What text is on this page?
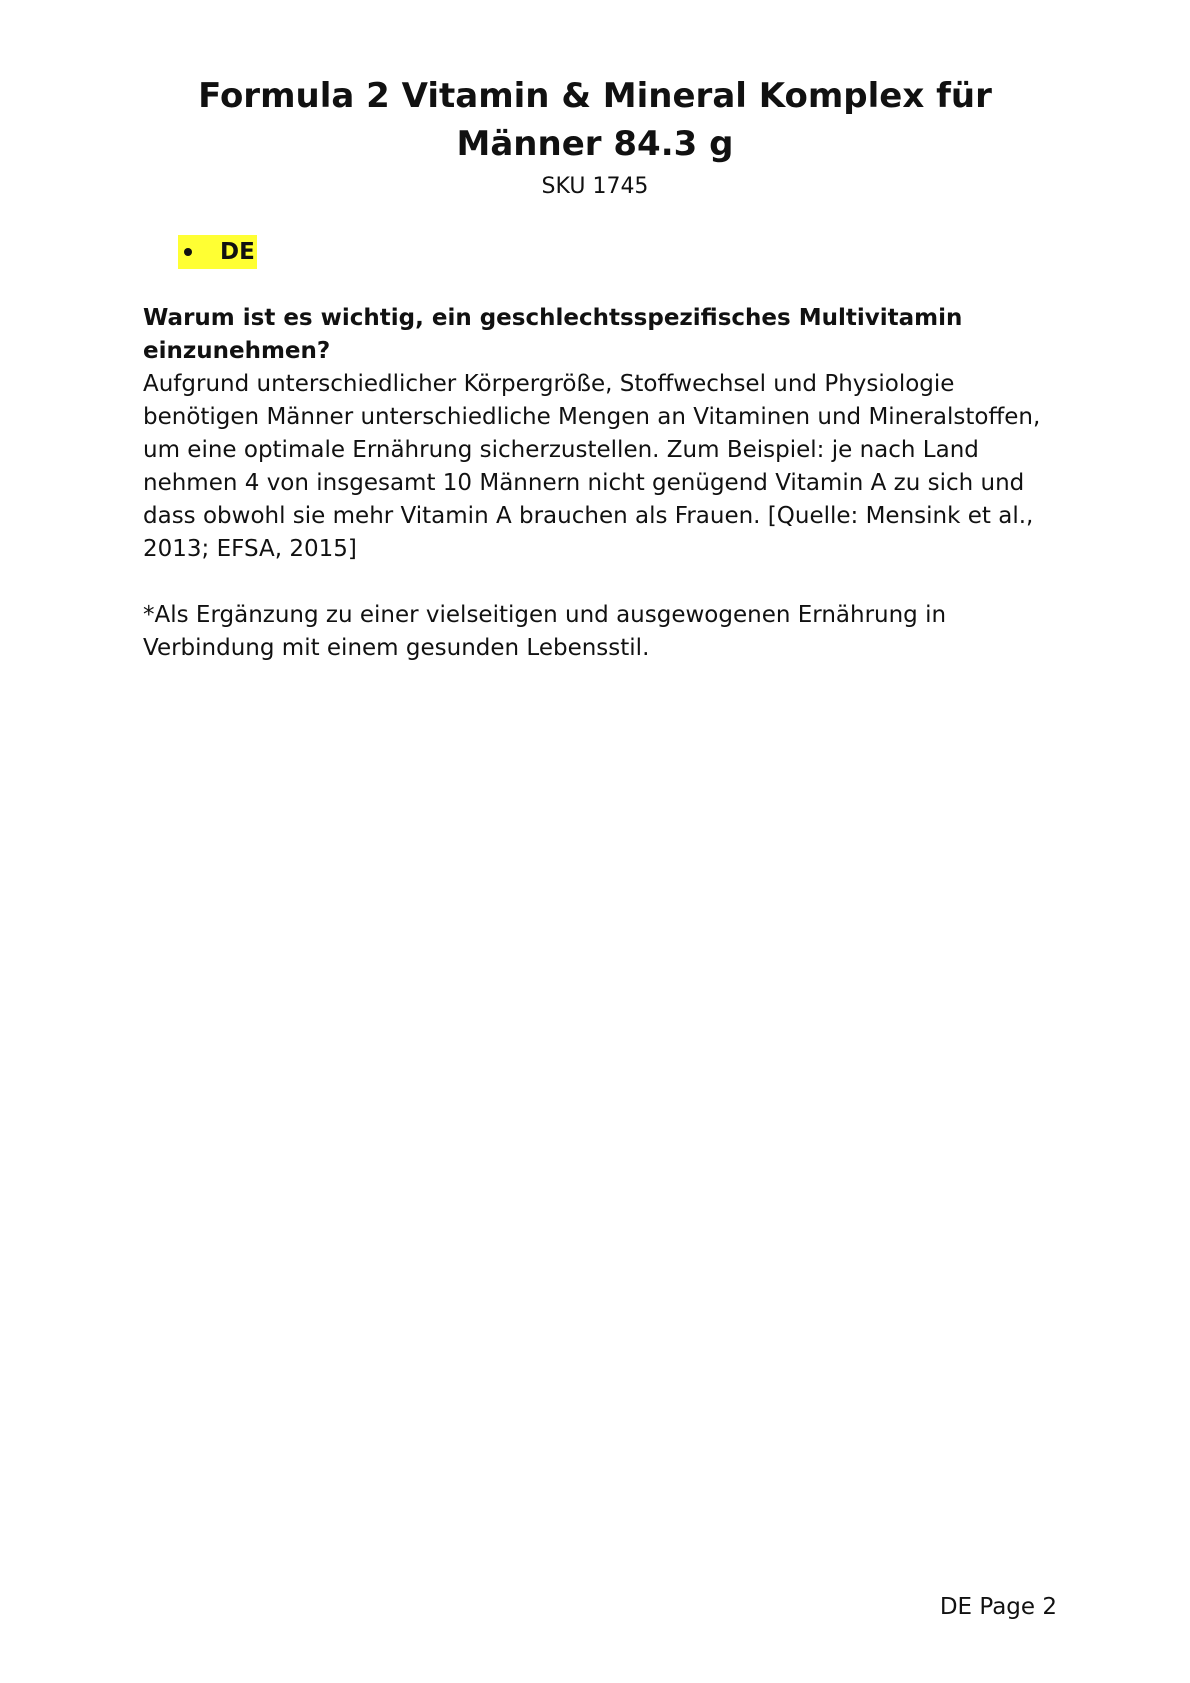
Formula 2 Vitamin & Mineral Komplex für Männer 84.3 g
SKU 1745
DE

Warum ist es wichtig, ein geschlechtsspezifisches Multivitamin einzunehmen?

Aufgrund unterschiedlicher Körpergröße, Stoffwechsel und Physiologie benötigen Männer unterschiedliche Mengen an Vitaminen und Mineralstoffen, um eine optimale Ernährung sicherzustellen. Zum Beispiel: je nach Land nehmen 4 von insgesamt 10 Männern nicht genügend Vitamin A zu sich und dass obwohl sie mehr Vitamin A brauchen als Frauen. [Quelle: Mensink et al., 2013; EFSA, 2015]

*Als Ergänzung zu einer vielseitigen und ausgewogenen Ernährung in Verbindung mit einem gesunden Lebensstil.

DE Page 2
